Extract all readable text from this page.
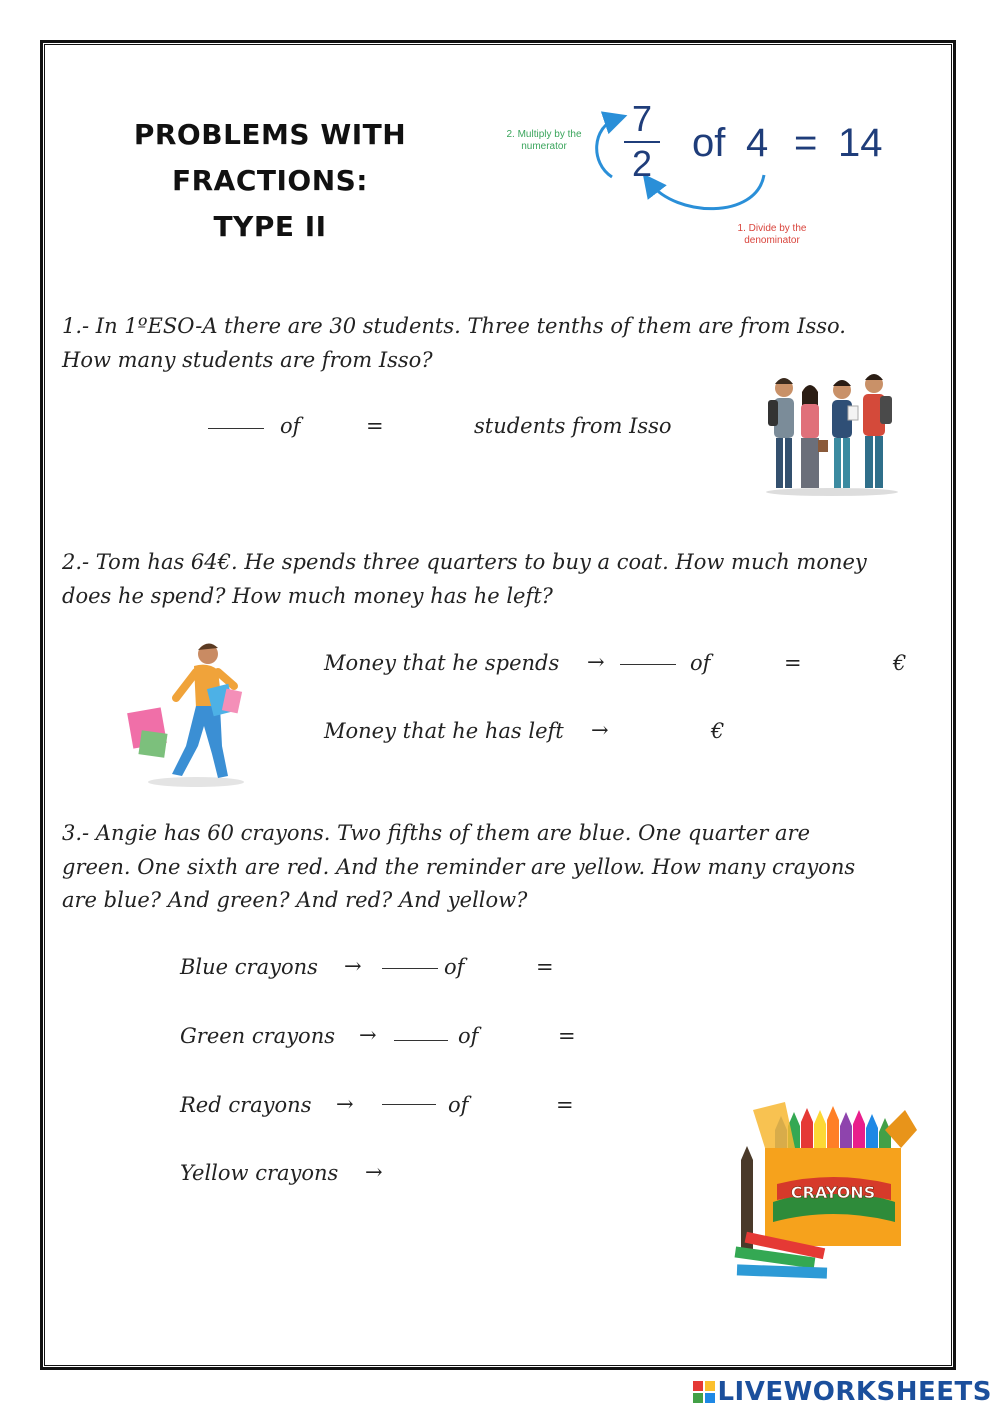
PROBLEMS WITH
FRACTIONS:
TYPE II
2. Multiply by the numerator
7
2 of 4 = 14
1. Divide by the denominator
1.- In 1ºESO-A there are 30 students. Three tenths of them are from Isso.
How many students are from Isso?
of	=	students from Isso
2.- Tom has 64€. He spends three quarters to buy a coat. How much money
does he spend? How much money has he left?
Money that he spends →	of	=	€
Money that he has left →	€
3.- Angie has 60 crayons. Two fifths of them are blue. One quarter are
green. One sixth are red. And the reminder are yellow. How many crayons
are blue? And green? And red? And yellow?
Blue crayons →	of	=
Green crayons →	of	=
Red crayons →	of	=
Yellow crayons →
CRAYONS
LIVEWORKSHEETS
